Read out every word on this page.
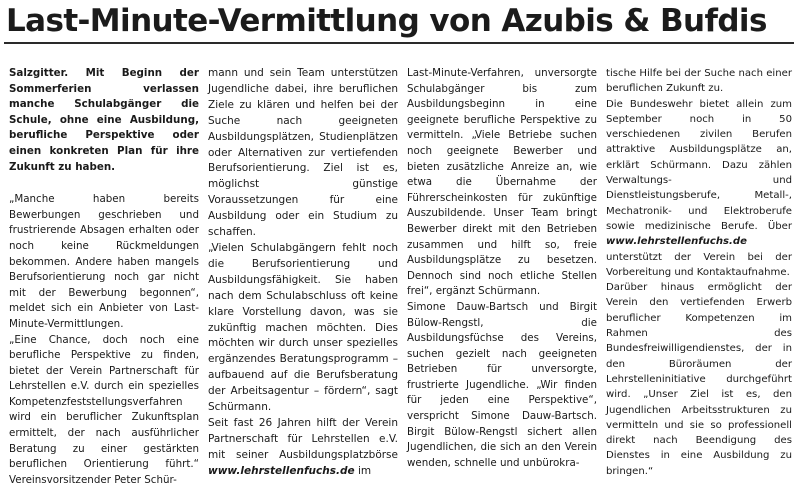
Last-Minute-Vermittlung von Azubis & Bufdis

Salzgitter. Mit Beginn der Sommerferien verlassen manche Schulabgänger die Schule, ohne eine Ausbildung, berufliche Perspektive oder einen konkreten Plan für ihre Zukunft zu haben.

„Manche haben bereits Bewerbungen geschrieben und frustrierende Absagen erhalten oder noch keine Rückmeldungen bekommen. Andere haben mangels Berufsorientierung noch gar nicht mit der Bewerbung begonnen“, meldet sich ein Anbieter von Last-Minute-Vermittlungen.

„Eine Chance, doch noch eine berufliche Perspektive zu finden, bietet der Verein Partnerschaft für Lehrstellen e.V. durch ein spezielles Kompetenzfeststellungsverfahren wird ein beruflicher Zukunftsplan ermittelt, der nach ausführlicher Beratung zu einer gestärkten beruflichen Orientierung führt.“ Vereinsvorsitzender Peter Schür-

mann und sein Team unterstützen Jugendliche dabei, ihre beruflichen Ziele zu klären und helfen bei der Suche nach geeigneten Ausbildungsplätzen, Studienplätzen oder Alternativen zur vertiefenden Berufsorientierung. Ziel ist es, möglichst günstige Voraussetzungen für eine Ausbildung oder ein Studium zu schaffen.

„Vielen Schulabgängern fehlt noch die Berufsorientierung und Ausbildungsfähigkeit. Sie haben nach dem Schulabschluss oft keine klare Vorstellung davon, was sie zukünftig machen möchten. Dies möchten wir durch unser spezielles ergänzendes Beratungsprogramm – aufbauend auf die Berufsberatung der Arbeitsagentur – fördern“, sagt Schürmann.

Seit fast 26 Jahren hilft der Verein Partnerschaft für Lehrstellen e.V. mit seiner Ausbildungsplatzbörse www.lehrstellenfuchs.de im

Last-Minute-Verfahren, unversorgte Schulabgänger bis zum Ausbildungsbeginn in eine geeignete berufliche Perspektive zu vermitteln. „Viele Betriebe suchen noch geeignete Bewerber und bieten zusätzliche Anreize an, wie etwa die Übernahme der Führerscheinkosten für zukünftige Auszubildende. Unser Team bringt Bewerber direkt mit den Betrieben zusammen und hilft so, freie Ausbildungsplätze zu besetzen. Dennoch sind noch etliche Stellen frei“, ergänzt Schürmann.

Simone Dauw-Bartsch und Birgit Bülow-Rengstl, die Ausbildungsfüchse des Vereins, suchen gezielt nach geeigneten Betrieben für unversorgte, frustrierte Jugendliche. „Wir finden für jeden eine Perspektive“, verspricht Simone Dauw-Bartsch. Birgit Bülow-Rengstl sichert allen Jugendlichen, die sich an den Verein wenden, schnelle und unbürokra-

tische Hilfe bei der Suche nach einer beruflichen Zukunft zu.

Die Bundeswehr bietet allein zum September noch in 50 verschiedenen zivilen Berufen attraktive Ausbildungsplätze an, erklärt Schürmann. Dazu zählen Verwaltungs- und Dienstleistungsberufe, Metall-, Mechatronik- und Elektroberufe sowie medizinische Berufe. Über www.lehrstellenfuchs.de unterstützt der Verein bei der Vorbereitung und Kontaktaufnahme.

Darüber hinaus ermöglicht der Verein den vertiefenden Erwerb beruflicher Kompetenzen im Rahmen des Bundesfreiwilligendienstes, der in den Büroräumen der Lehrstelleninitiative durchgeführt wird. „Unser Ziel ist es, den Jugendlichen Arbeitsstrukturen zu vermitteln und sie so professionell direkt nach Beendigung des Dienstes in eine Ausbildung zu bringen.“
